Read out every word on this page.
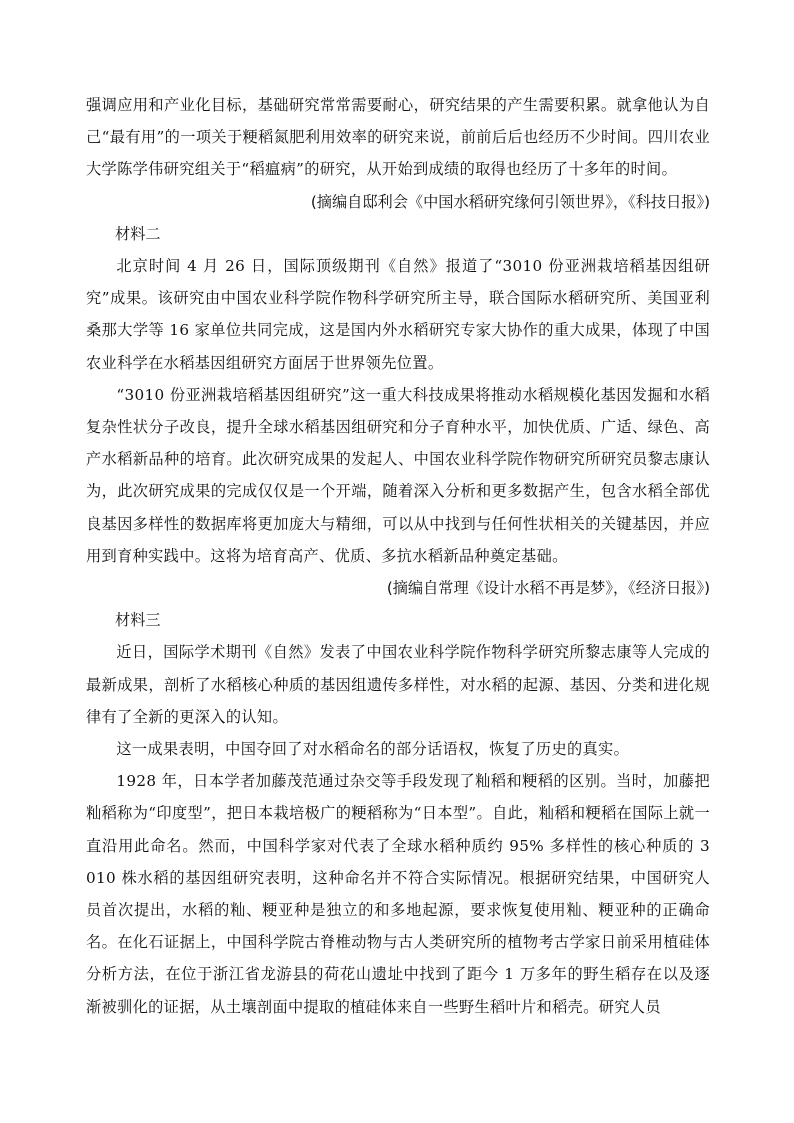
强调应用和产业化目标，基础研究常常需要耐心，研究结果的产生需要积累。就拿他认为自己“最有用”的一项关于粳稻氮肥利用效率的研究来说，前前后后也经历不少时间。四川农业大学陈学伟研究组关于“稻瘟病”的研究，从开始到成绩的取得也经历了十多年的时间。

(摘编自邸利会《中国水稻研究缘何引领世界》，《科技日报》)

材料二

北京时间 4 月 26 日，国际顶级期刊《自然》报道了“3010 份亚洲栽培稻基因组研究”成果。该研究由中国农业科学院作物科学研究所主导，联合国际水稻研究所、美国亚利桑那大学等 16 家单位共同完成，这是国内外水稻研究专家大协作的重大成果，体现了中国农业科学在水稻基因组研究方面居于世界领先位置。

“3010 份亚洲栽培稻基因组研究”这一重大科技成果将推动水稻规模化基因发掘和水稻复杂性状分子改良，提升全球水稻基因组研究和分子育种水平，加快优质、广适、绿色、高产水稻新品种的培育。此次研究成果的发起人、中国农业科学院作物研究所研究员黎志康认为，此次研究成果的完成仅仅是一个开端，随着深入分析和更多数据产生，包含水稻全部优良基因多样性的数据库将更加庞大与精细，可以从中找到与任何性状相关的关键基因，并应用到育种实践中。这将为培育高产、优质、多抗水稻新品种奠定基础。

(摘编自常理《设计水稻不再是梦》，《经济日报》)

材料三

近日，国际学术期刊《自然》发表了中国农业科学院作物科学研究所黎志康等人完成的最新成果，剖析了水稻核心种质的基因组遗传多样性，对水稻的起源、基因、分类和进化规律有了全新的更深入的认知。

这一成果表明，中国夺回了对水稻命名的部分话语权，恢复了历史的真实。

1928 年，日本学者加藤茂范通过杂交等手段发现了籼稻和粳稻的区别。当时，加藤把籼稻称为“印度型”，把日本栽培极广的粳稻称为“日本型”。自此，籼稻和粳稻在国际上就一直沿用此命名。然而，中国科学家对代表了全球水稻种质约 95% 多样性的核心种质的 3 010 株水稻的基因组研究表明，这种命名并不符合实际情况。根据研究结果，中国研究人员首次提出，水稻的籼、粳亚种是独立的和多地起源，要求恢复使用籼、粳亚种的正确命名。在化石证据上，中国科学院古脊椎动物与古人类研究所的植物考古学家日前采用植硅体分析方法，在位于浙江省龙游县的荷花山遗址中找到了距今 1 万多年的野生稻存在以及逐渐被驯化的证据，从土壤剖面中提取的植硅体来自一些野生稻叶片和稻壳。研究人员
